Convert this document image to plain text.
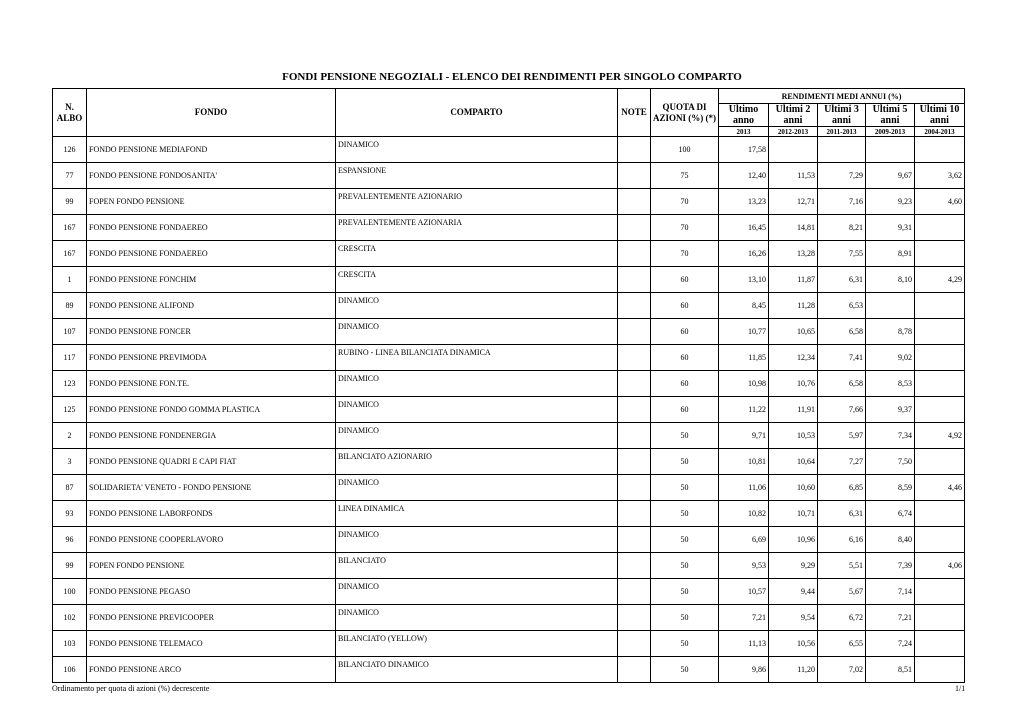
FONDI PENSIONE NEGOZIALI - ELENCO DEI RENDIMENTI PER SINGOLO COMPARTO
N. ALBO	FONDO	COMPARTO	NOTE	QUOTA DI AZIONI (%) (*)	RENDIMENTI MEDI ANNUI (%)				
					Ultimo anno	Ultimi 2 anni	Ultimi 3 anni	Ultimi 5 anni	Ultimi 10 anni
					2013	2012-2013	2011-2013	2009-2013	2004-2013
126	FONDO PENSIONE MEDIAFOND	DINAMICO		100	17,58				
77	FONDO PENSIONE FONDOSANITA'	ESPANSIONE		75	12,40	11,53	7,29	9,67	3,62
99	FOPEN FONDO PENSIONE	PREVALENTEMENTE AZIONARIO		70	13,23	12,71	7,16	9,23	4,60
167	FONDO PENSIONE FONDAEREO	PREVALENTEMENTE AZIONARIA		70	16,45	14,81	8,21	9,31	
167	FONDO PENSIONE FONDAEREO	CRESCITA		70	16,26	13,28	7,55	8,91	
1	FONDO PENSIONE FONCHIM	CRESCITA		60	13,10	11,87	6,31	8,10	4,29
89	FONDO PENSIONE ALIFOND	DINAMICO		60	8,45	11,28	6,53		
107	FONDO PENSIONE FONCER	DINAMICO		60	10,77	10,65	6,58	8,78	
117	FONDO PENSIONE PREVIMODA	RUBINO - LINEA BILANCIATA DINAMICA		60	11,85	12,34	7,41	9,02	
123	FONDO PENSIONE FON.TE.	DINAMICO		60	10,98	10,76	6,58	8,53	
125	FONDO PENSIONE FONDO GOMMA PLASTICA	DINAMICO		60	11,22	11,91	7,66	9,37	
2	FONDO PENSIONE FONDENERGIA	DINAMICO		50	9,71	10,53	5,97	7,34	4,92
3	FONDO PENSIONE QUADRI E CAPI FIAT	BILANCIATO AZIONARIO		50	10,81	10,64	7,27	7,50	
87	SOLIDARIETA' VENETO - FONDO PENSIONE	DINAMICO		50	11,06	10,60	6,85	8,59	4,46
93	FONDO PENSIONE LABORFONDS	LINEA DINAMICA		50	10,82	10,71	6,31	6,74	
96	FONDO PENSIONE COOPERLAVORO	DINAMICO		50	6,69	10,96	6,16	8,40	
99	FOPEN FONDO PENSIONE	BILANCIATO		50	9,53	9,29	5,51	7,39	4,06
100	FONDO PENSIONE PEGASO	DINAMICO		50	10,57	9,44	5,67	7,14	
102	FONDO PENSIONE PREVICOOPER	DINAMICO		50	7,21	9,54	6,72	7,21	
103	FONDO PENSIONE TELEMACO	BILANCIATO (YELLOW)		50	11,13	10,56	6,55	7,24	
106	FONDO PENSIONE ARCO	BILANCIATO DINAMICO		50	9,86	11,20	7,02	8,51	
Ordinamento per quota di azioni (%) decrescente	1/1
